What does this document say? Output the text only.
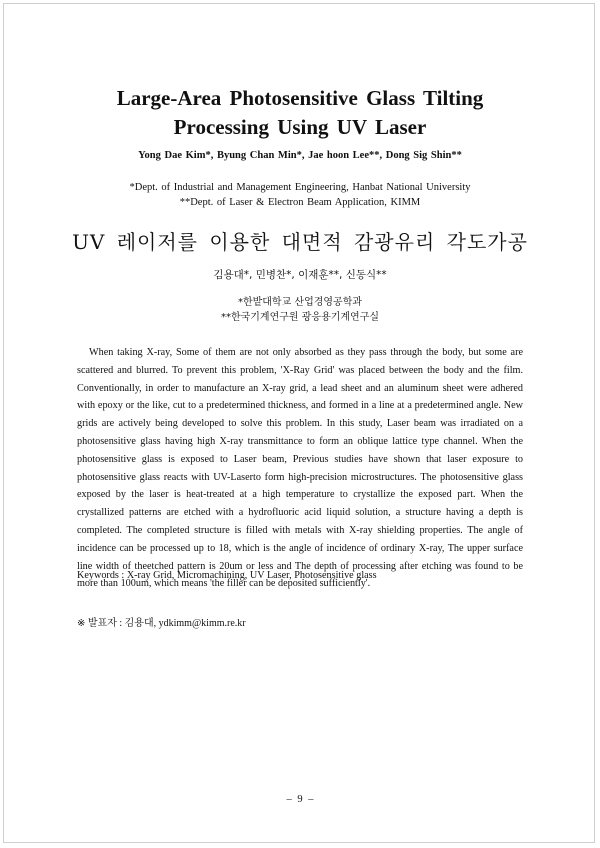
Large-Area Photosensitive Glass Tilting
Processing Using UV Laser
Yong Dae Kim*, Byung Chan Min*, Jae hoon Lee**, Dong Sig Shin**
*Dept. of Industrial and Management Engineering, Hanbat National University
**Dept. of Laser & Electron Beam Application, KIMM
UV 레이저를 이용한 대면적 감광유리 각도가공
김용대*, 민병찬*, 이재훈**, 신동식**
*한밭대학교 산업경영공학과
**한국기계연구원 광응용기계연구실

When taking X-ray, Some of them are not only absorbed as they pass through the body, but some are scattered and blurred. To prevent this problem, 'X-Ray Grid' was placed between the body and the film. Conventionally, in order to manufacture an X-ray grid, a lead sheet and an aluminum sheet were adhered with epoxy or the like, cut to a predetermined thickness, and formed in a line at a predetermined angle. New grids are actively being developed to solve this problem. In this study, Laser beam was irradiated on a photosensitive glass having high X-ray transmittance to form an oblique lattice type channel. When the photosensitive glass is exposed to Laser beam, Previous studies have shown that laser exposure to photosensitive glass reacts with UV-Laserto form high-precision microstructures. The photosensitive glass exposed by the laser is heat-treated at a high temperature to crystallize the exposed part. When the crystallized patterns are etched with a hydrofluoric acid liquid solution, a structure having a depth is completed. The completed structure is filled with metals with X-ray shielding properties. The angle of incidence can be processed up to 18, which is the angle of incidence of ordinary X-ray, The upper surface line width of theetched pattern is 20um or less and The depth of processing after etching was found to be more than 100um, which means 'the filler can be deposited sufficiently'.

Keywords : X-ray Grid, Micromachining, UV Laser, Photosensitive glass
※ 발표자 : 김용대, ydkimm@kimm.re.kr
– 9 –
